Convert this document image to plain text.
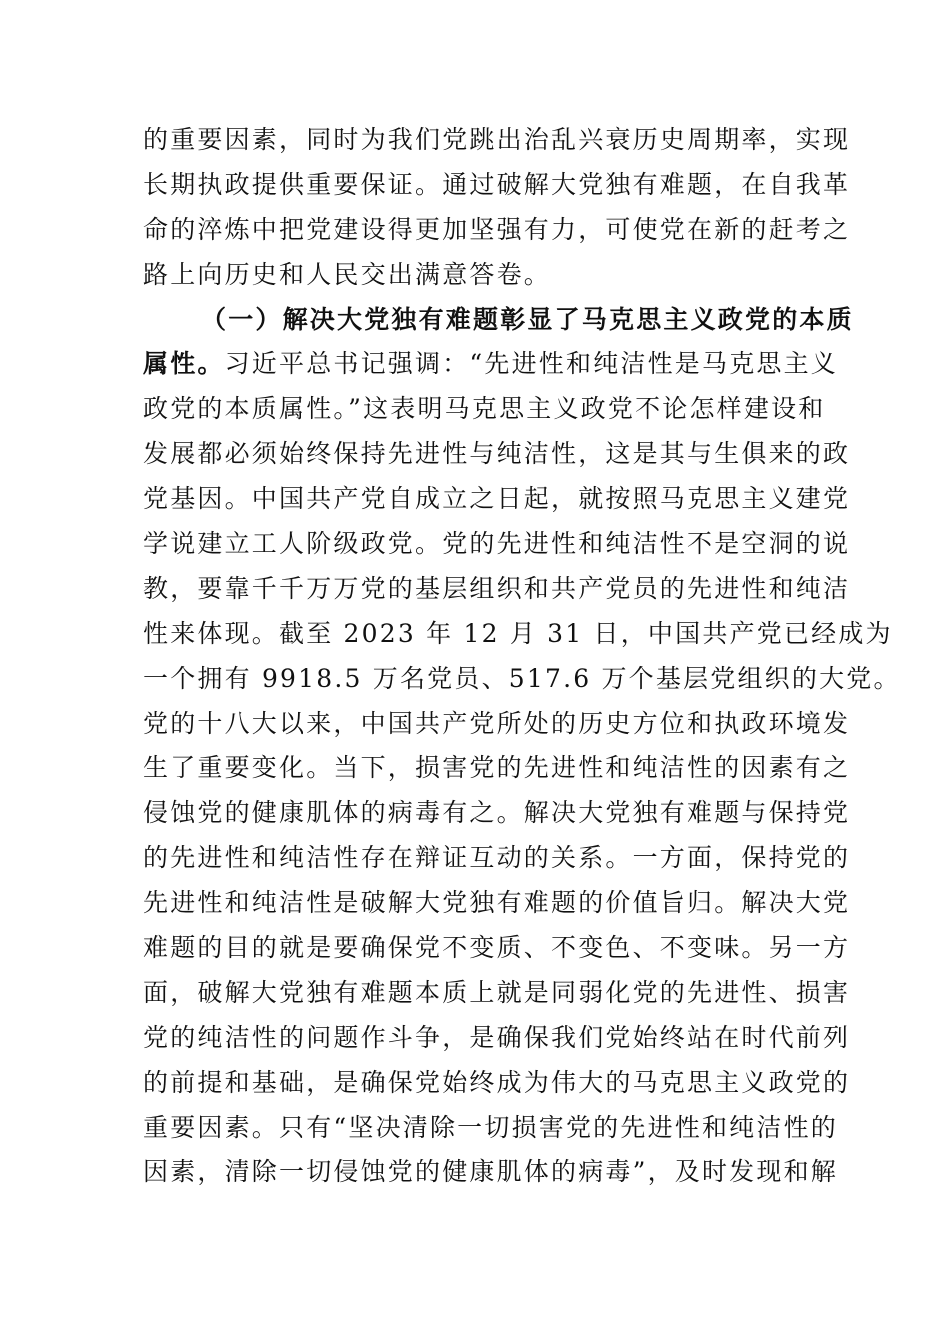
的重要因素，同时为我们党跳出治乱兴衰历史周期率，实现
长期执政提供重要保证。通过破解大党独有难题，在自我革
命的淬炼中把党建设得更加坚强有力，可使党在新的赶考之
路上向历史和人民交出满意答卷。
（一）解决大党独有难题彰显了马克思主义政党的本质
属性。习近平总书记强调：“先进性和纯洁性是马克思主义
政党的本质属性。”这表明马克思主义政党不论怎样建设和
发展都必须始终保持先进性与纯洁性，这是其与生俱来的政
党基因。中国共产党自成立之日起，就按照马克思主义建党
学说建立工人阶级政党。党的先进性和纯洁性不是空洞的说
教，要靠千千万万党的基层组织和共产党员的先进性和纯洁
性来体现。截至 2023 年 12 月 31 日，中国共产党已经成为
一个拥有 9918.5 万名党员、517.6 万个基层党组织的大党。
党的十八大以来，中国共产党所处的历史方位和执政环境发
生了重要变化。当下，损害党的先进性和纯洁性的因素有之
侵蚀党的健康肌体的病毒有之。解决大党独有难题与保持党
的先进性和纯洁性存在辩证互动的关系。一方面，保持党的
先进性和纯洁性是破解大党独有难题的价值旨归。解决大党
难题的目的就是要确保党不变质、不变色、不变味。另一方
面，破解大党独有难题本质上就是同弱化党的先进性、损害
党的纯洁性的问题作斗争，是确保我们党始终站在时代前列
的前提和基础，是确保党始终成为伟大的马克思主义政党的
重要因素。只有“坚决清除一切损害党的先进性和纯洁性的
因素，清除一切侵蚀党的健康肌体的病毒”，及时发现和解
